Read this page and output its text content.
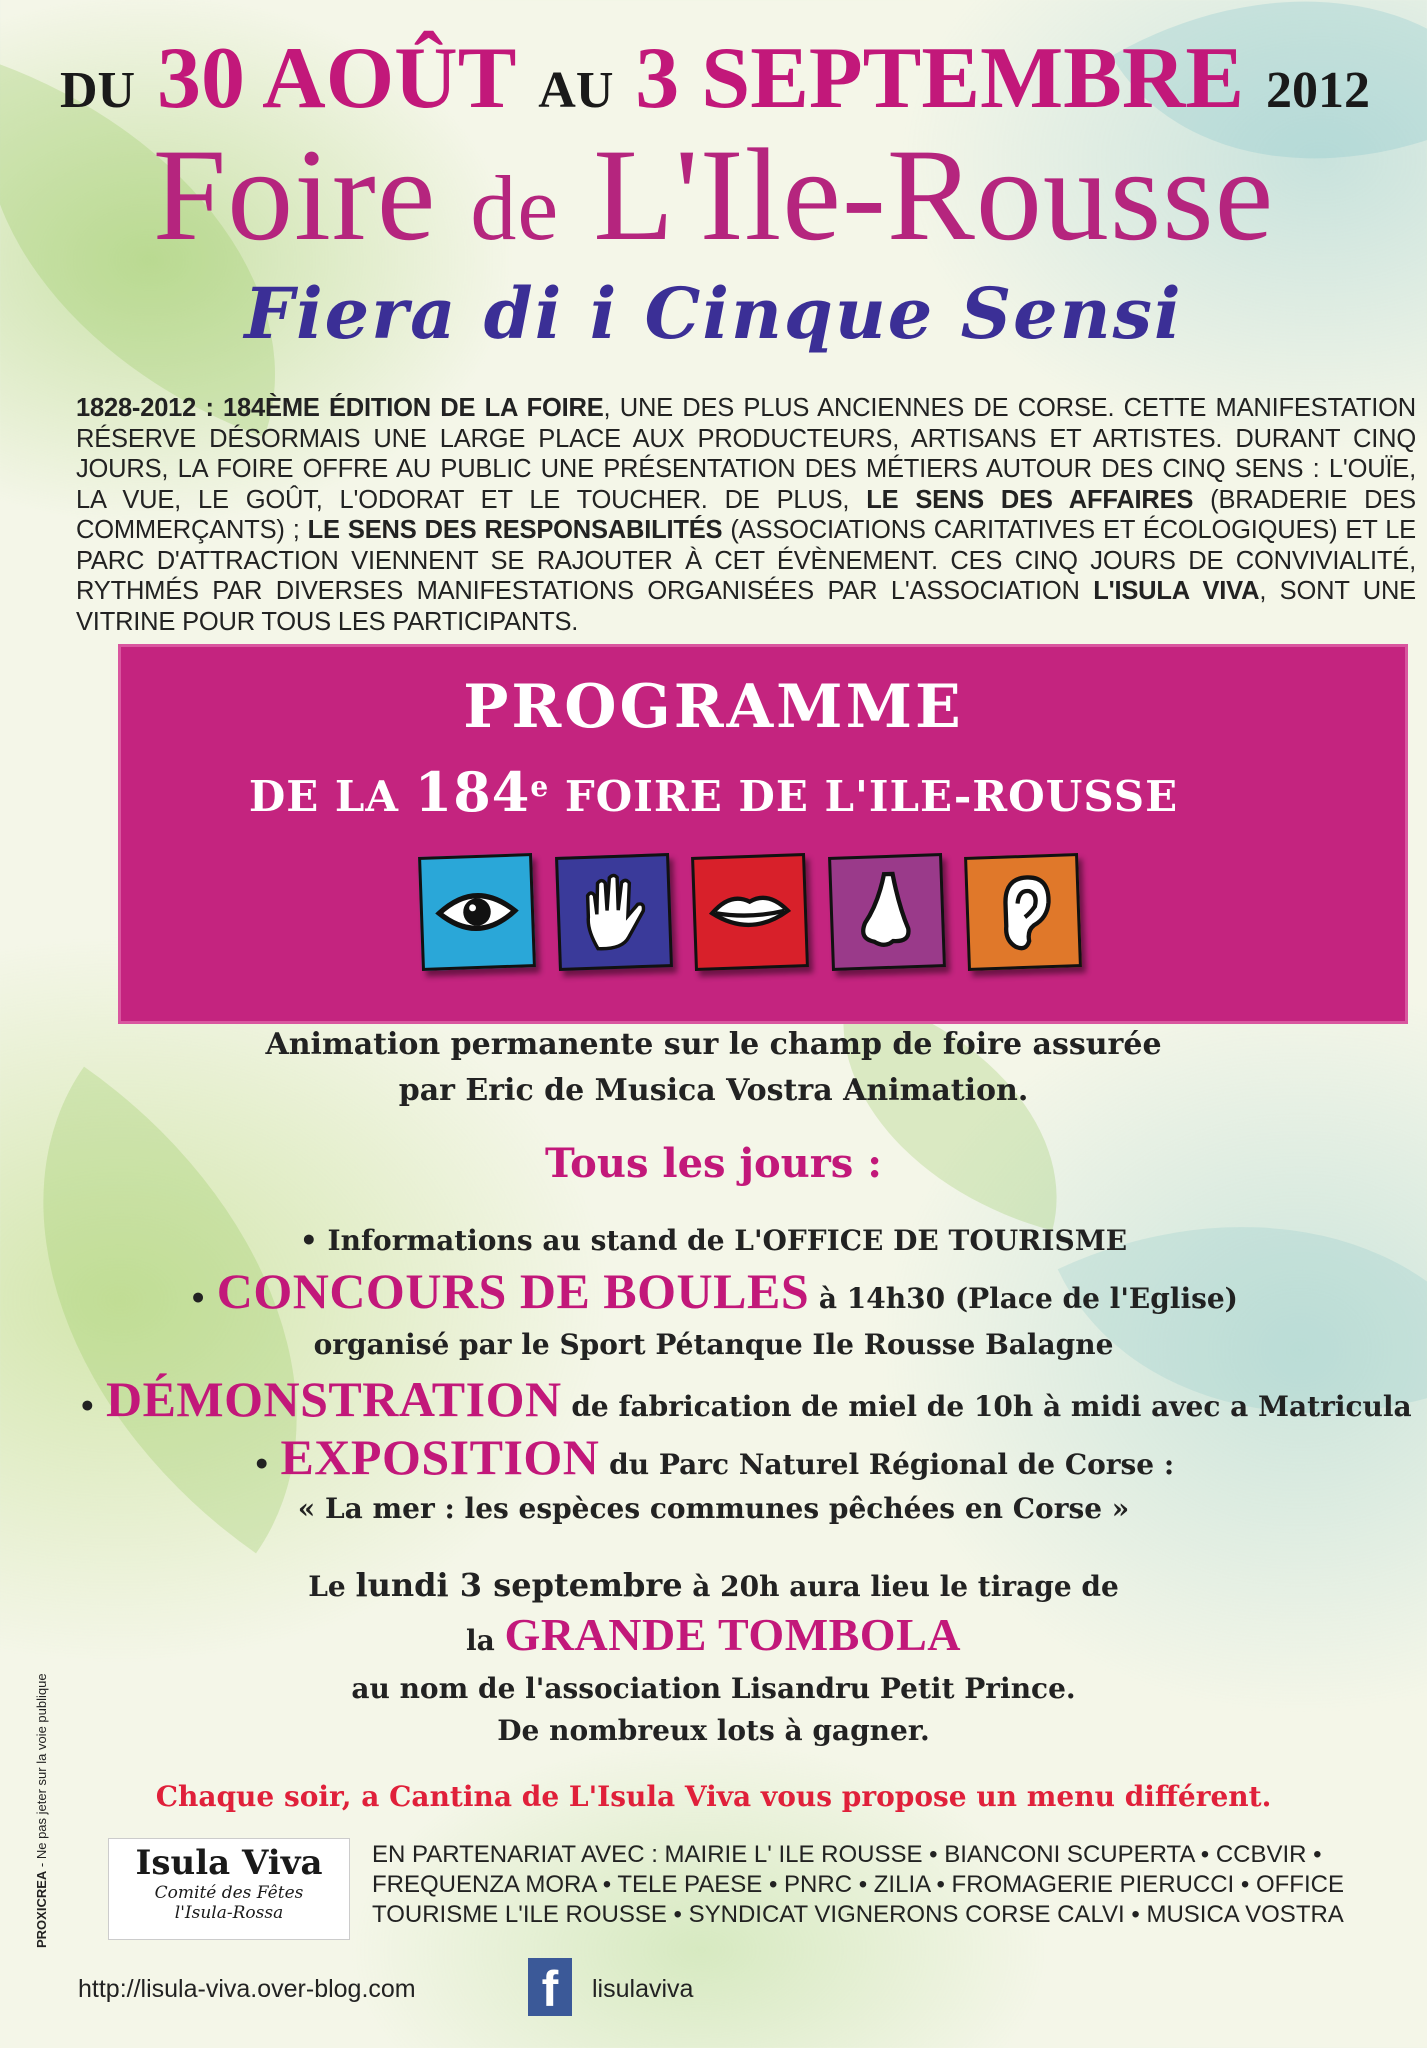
DU 30 AOÛT AU 3 SEPTEMBRE 2012
Foire de L'Ile-Rousse
Fiera di i Cinque Sensi
1828-2012 : 184ÈME ÉDITION DE LA FOIRE, UNE DES PLUS ANCIENNES DE CORSE. CETTE MANIFESTATION RÉSERVE DÉSORMAIS UNE LARGE PLACE AUX PRODUCTEURS, ARTISANS ET ARTISTES. DURANT CINQ JOURS, LA FOIRE OFFRE AU PUBLIC UNE PRÉSENTATION DES MÉTIERS AUTOUR DES CINQ SENS : L'OUÏE, LA VUE, LE GOÛT, L'ODORAT ET LE TOUCHER. DE PLUS, LE SENS DES AFFAIRES (BRADERIE DES COMMERÇANTS) ; LE SENS DES RESPONSABILITÉS (ASSOCIATIONS CARITATIVES ET ÉCOLOGIQUES) ET LE PARC D'ATTRACTION VIENNENT SE RAJOUTER À CET ÉVÈNEMENT. CES CINQ JOURS DE CONVIVIALITÉ, RYTHMÉS PAR DIVERSES MANIFESTATIONS ORGANISÉES PAR L'ASSOCIATION L'ISULA VIVA, SONT UNE VITRINE POUR TOUS LES PARTICIPANTS.
PROGRAMME
DE LA 184e FOIRE DE L'ILE-ROUSSE
Animation permanente sur le champ de foire assurée
par Eric de Musica Vostra Animation.
Tous les jours :
• Informations au stand de L'OFFICE DE TOURISME
• CONCOURS DE BOULES à 14h30 (Place de l'Eglise)
organisé par le Sport Pétanque Ile Rousse Balagne
• DÉMONSTRATION de fabrication de miel de 10h à midi avec a Matricula
• EXPOSITION du Parc Naturel Régional de Corse :
« La mer : les espèces communes pêchées en Corse »
Le lundi 3 septembre à 20h aura lieu le tirage de
la GRANDE TOMBOLA
au nom de l'association Lisandru Petit Prince.
De nombreux lots à gagner.
Chaque soir, a Cantina de L'Isula Viva vous propose un menu différent.
Isula Viva
Comité des Fêtes
l'Isula-Rossa
EN PARTENARIAT AVEC : MAIRIE L' ILE ROUSSE • BIANCONI SCUPERTA • CCBVIR • FREQUENZA MORA • TELE PAESE • PNRC • ZILIA • FROMAGERIE PIERUCCI • OFFICE TOURISME L'ILE ROUSSE • SYNDICAT VIGNERONS CORSE CALVI • MUSICA VOSTRA
PROXICREA - Ne pas jeter sur la voie publique
http://lisula-viva.over-blog.com	f	lisulaviva
